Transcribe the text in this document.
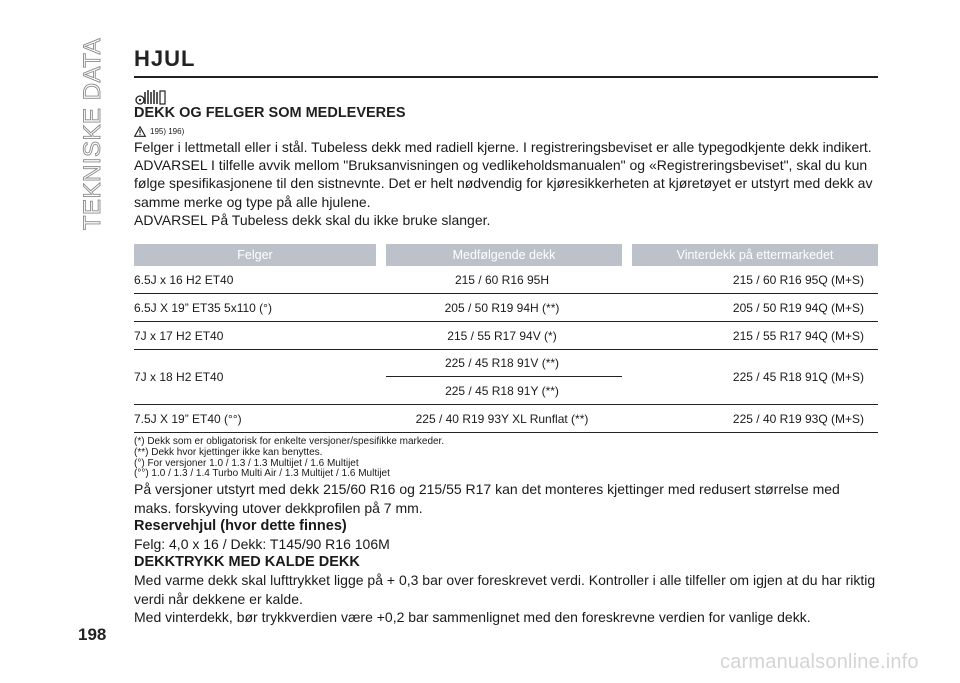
TEKNISKE DATA HJUL
DEKK OG FELGER SOM MEDLEVERES
195) 196)

Felger i lettmetall eller i stål. Tubeless dekk med radiell kjerne. I registreringsbeviset er alle typegodkjente dekk indikert.

ADVARSEL I tilfelle avvik mellom "Bruksanvisningen og vedlikeholdsmanualen" og «Registreringsbeviset", skal du kun følge spesifikasjonene til den sistnevnte. Det er helt nødvendig for kjøresikkerheten at kjøretøyet er utstyrt med dekk av samme merke og type på alle hjulene.

ADVARSEL På Tubeless dekk skal du ikke bruke slanger.

Felger		Medfølgende dekk		Vinterdekk på ettermarkedet
6.5J x 16 H2 ET40		215 / 60 R16 95H		215 / 60 R16 95Q (M+S)
6.5J X 19” ET35 5x110 (°)		205 / 50 R19 94H (**)		205 / 50 R19 94Q (M+S)
7J x 17 H2 ET40		215 / 55 R17 94V (*)		215 / 55 R17 94Q (M+S)
7J x 18 H2 ET40		225 / 45 R18 91V (**)		225 / 45 R18 91Q (M+S)
		225 / 45 R18 91Y (**)		
7.5J X 19” ET40 (°°)		225 / 40 R19 93Y XL Runflat (**)		225 / 40 R19 93Q (M+S)
(*) Dekk som er obligatorisk for enkelte versjoner/spesifikke markeder.
(**) Dekk hvor kjettinger ikke kan benyttes.
(°) For versjoner 1.0 / 1.3 / 1.3 Multijet / 1.6 Multijet
(°°) 1.0 / 1.3 / 1.4 Turbo Multi Air / 1.3 Multijet / 1.6 Multijet

På versjoner utstyrt med dekk 215/60 R16 og 215/55 R17 kan det monteres kjettinger med redusert størrelse med maks. forskyving utover dekkprofilen på 7 mm.

Reservehjul (hvor dette finnes)

Felg: 4,0 x 16 / Dekk: T145/90 R16 106M

DEKKTRYKK MED KALDE DEKK

Med varme dekk skal lufttrykket ligge på + 0,3 bar over foreskrevet verdi. Kontroller i alle tilfeller om igjen at du har riktig verdi når dekkene er kalde.

Med vinterdekk, bør trykkverdien være +0,2 bar sammenlignet med den foreskrevne verdien for vanlige dekk.

198
carmanualsonline.info
